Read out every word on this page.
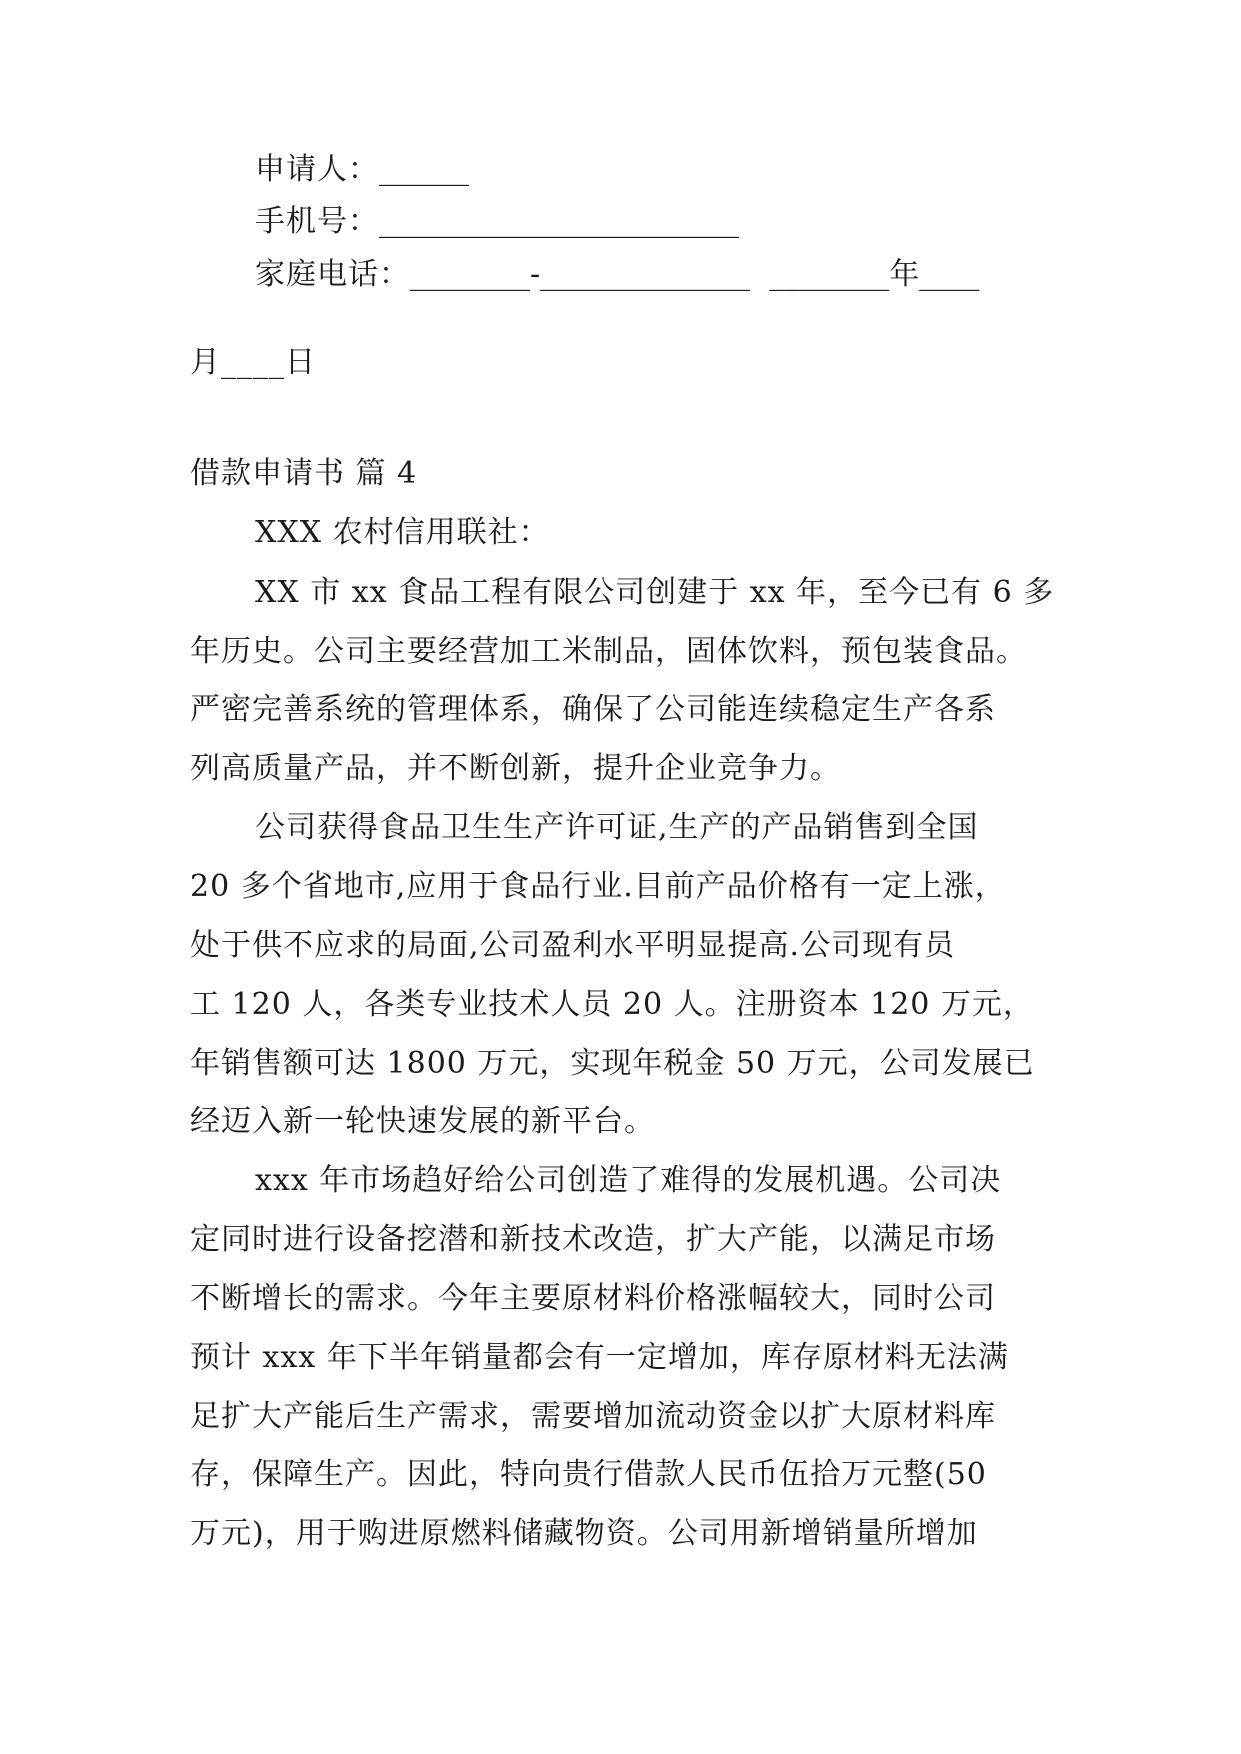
申请人：______
手机号：________________________
家庭电话：________-______________  ________年____
月____日
借款申请书 篇 4
XXX 农村信用联社：
XX 市 xx 食品工程有限公司创建于 xx 年，至今已有 6 多
年历史。公司主要经营加工米制品，固体饮料，预包装食品。
严密完善系统的管理体系，确保了公司能连续稳定生产各系
列高质量产品，并不断创新，提升企业竞争力。
公司获得食品卫生生产许可证,生产的产品销售到全国
20 多个省地市,应用于食品行业.目前产品价格有一定上涨，
处于供不应求的局面,公司盈利水平明显提高.公司现有员
工 120 人，各类专业技术人员 20 人。注册资本 120 万元，
年销售额可达 1800 万元，实现年税金 50 万元，公司发展已
经迈入新一轮快速发展的新平台。
xxx 年市场趋好给公司创造了难得的发展机遇。公司决
定同时进行设备挖潜和新技术改造，扩大产能，以满足市场
不断增长的需求。今年主要原材料价格涨幅较大，同时公司
预计 xxx 年下半年销量都会有一定增加，库存原材料无法满
足扩大产能后生产需求，需要增加流动资金以扩大原材料库
存，保障生产。因此，特向贵行借款人民币伍拾万元整(50
万元)，用于购进原燃料储藏物资。公司用新增销量所增加
